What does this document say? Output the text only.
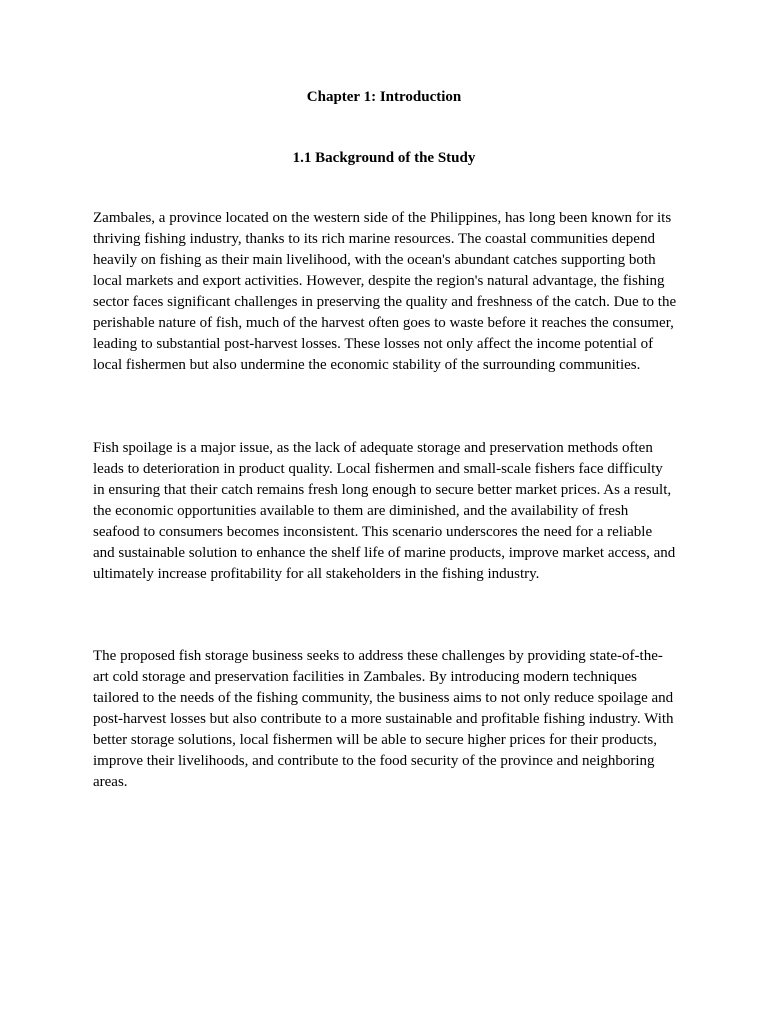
Chapter 1: Introduction
1.1 Background of the Study

Zambales, a province located on the western side of the Philippines, has long been known for its thriving fishing industry, thanks to its rich marine resources. The coastal communities depend heavily on fishing as their main livelihood, with the ocean's abundant catches supporting both local markets and export activities. However, despite the region's natural advantage, the fishing sector faces significant challenges in preserving the quality and freshness of the catch. Due to the perishable nature of fish, much of the harvest often goes to waste before it reaches the consumer, leading to substantial post-harvest losses. These losses not only affect the income potential of local fishermen but also undermine the economic stability of the surrounding communities.

Fish spoilage is a major issue, as the lack of adequate storage and preservation methods often leads to deterioration in product quality. Local fishermen and small-scale fishers face difficulty in ensuring that their catch remains fresh long enough to secure better market prices. As a result, the economic opportunities available to them are diminished, and the availability of fresh seafood to consumers becomes inconsistent. This scenario underscores the need for a reliable and sustainable solution to enhance the shelf life of marine products, improve market access, and ultimately increase profitability for all stakeholders in the fishing industry.

The proposed fish storage business seeks to address these challenges by providing state-of-the-art cold storage and preservation facilities in Zambales. By introducing modern techniques tailored to the needs of the fishing community, the business aims to not only reduce spoilage and post-harvest losses but also contribute to a more sustainable and profitable fishing industry. With better storage solutions, local fishermen will be able to secure higher prices for their products, improve their livelihoods, and contribute to the food security of the province and neighboring areas.
